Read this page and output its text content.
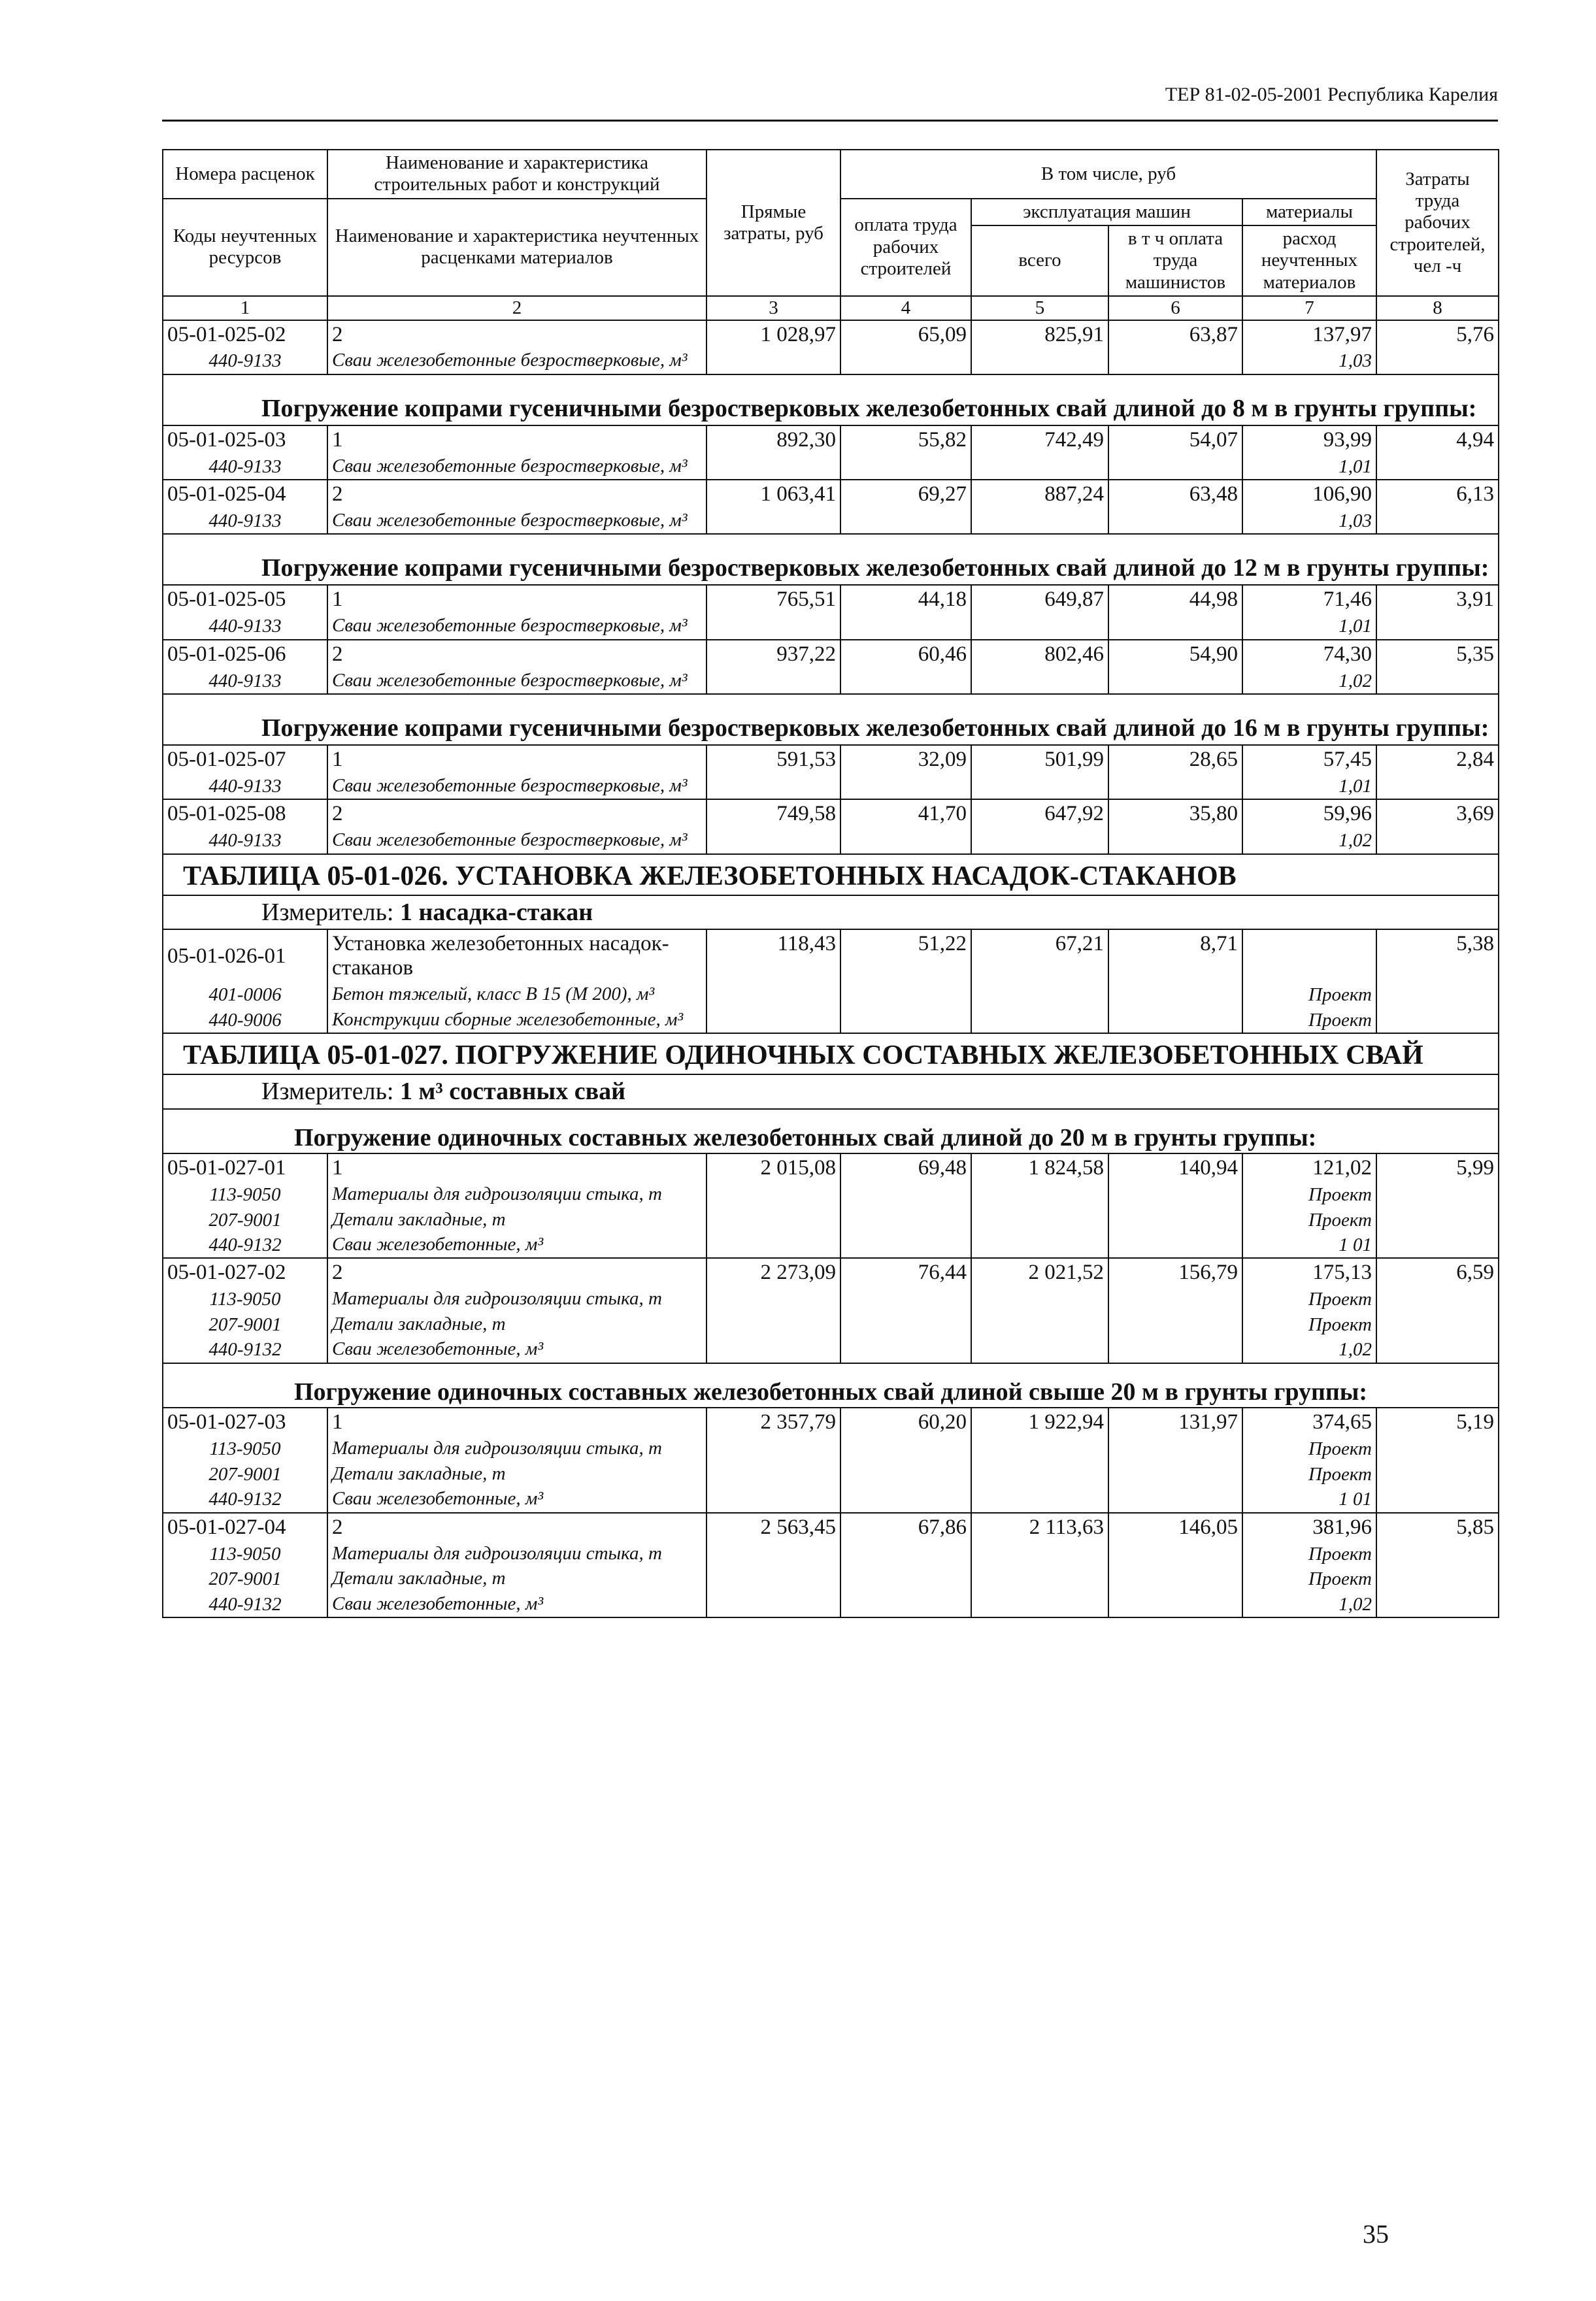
ТЕР 81-02-05-2001 Республика Карелия
Номера расценок	Наименование и характеристика строительных работ и конструкций	Прямые затраты, руб	В том числе, руб				Затраты труда рабочих строителей, чел -ч
Коды неучтенных ресурсов	Наименование и характеристика неучтенных расценками материалов		оплата труда рабочих строителей	эксплуатация машин		материалы	
				всего	в т ч оплата труда машинистов	расход неучтенных материалов	
1	2	3	4	5	6	7	8
05-01-025-02	2	1 028,97	65,09	825,91	63,87	137,97	5,76
440-9133	Сваи железобетонные безростверковые, м³					1,03	
Погружение копрами гусеничными безростверковых железобетонных свай длиной до 8 м в грунты группы:							
05-01-025-03	1	892,30	55,82	742,49	54,07	93,99	4,94
440-9133	Сваи железобетонные безростверковые, м³					1,01	
05-01-025-04	2	1 063,41	69,27	887,24	63,48	106,90	6,13
440-9133	Сваи железобетонные безростверковые, м³					1,03	
Погружение копрами гусеничными безростверковых железобетонных свай длиной до 12 м в грунты группы:							
05-01-025-05	1	765,51	44,18	649,87	44,98	71,46	3,91
440-9133	Сваи железобетонные безростверковые, м³					1,01	
05-01-025-06	2	937,22	60,46	802,46	54,90	74,30	5,35
440-9133	Сваи железобетонные безростверковые, м³					1,02	
Погружение копрами гусеничными безростверковых железобетонных свай длиной до 16 м в грунты группы:							
05-01-025-07	1	591,53	32,09	501,99	28,65	57,45	2,84
440-9133	Сваи железобетонные безростверковые, м³					1,01	
05-01-025-08	2	749,58	41,70	647,92	35,80	59,96	3,69
440-9133	Сваи железобетонные безростверковые, м³					1,02	
ТАБЛИЦА 05-01-026. УСТАНОВКА ЖЕЛЕЗОБЕТОННЫХ НАСАДОК-СТАКАНОВ							
Измеритель: 1 насадка-стакан							
05-01-026-01	Установка железобетонных насадок-стаканов	118,43	51,22	67,21	8,71		5,38
401-0006	Бетон тяжелый, класс В 15 (М 200), м³					Проект	
440-9006	Конструкции сборные железобетонные, м³					Проект	
ТАБЛИЦА 05-01-027. ПОГРУЖЕНИЕ ОДИНОЧНЫХ СОСТАВНЫХ ЖЕЛЕЗОБЕТОННЫХ СВАЙ							
Измеритель: 1 м³ составных свай							
Погружение одиночных составных железобетонных свай длиной до 20 м в грунты группы:							
05-01-027-01	1	2 015,08	69,48	1 824,58	140,94	121,02	5,99
113-9050	Материалы для гидроизоляции стыка, т					Проект	
207-9001	Детали закладные, т					Проект	
440-9132	Сваи железобетонные, м³					1 01	
05-01-027-02	2	2 273,09	76,44	2 021,52	156,79	175,13	6,59
113-9050	Материалы для гидроизоляции стыка, т					Проект	
207-9001	Детали закладные, т					Проект	
440-9132	Сваи железобетонные, м³					1,02	
Погружение одиночных составных железобетонных свай длиной свыше 20 м в грунты группы:							
05-01-027-03	1	2 357,79	60,20	1 922,94	131,97	374,65	5,19
113-9050	Материалы для гидроизоляции стыка, т					Проект	
207-9001	Детали закладные, т					Проект	
440-9132	Сваи железобетонные, м³					1 01	
05-01-027-04	2	2 563,45	67,86	2 113,63	146,05	381,96	5,85
113-9050	Материалы для гидроизоляции стыка, т					Проект	
207-9001	Детали закладные, т					Проект	
440-9132	Сваи железобетонные, м³					1,02	
35
